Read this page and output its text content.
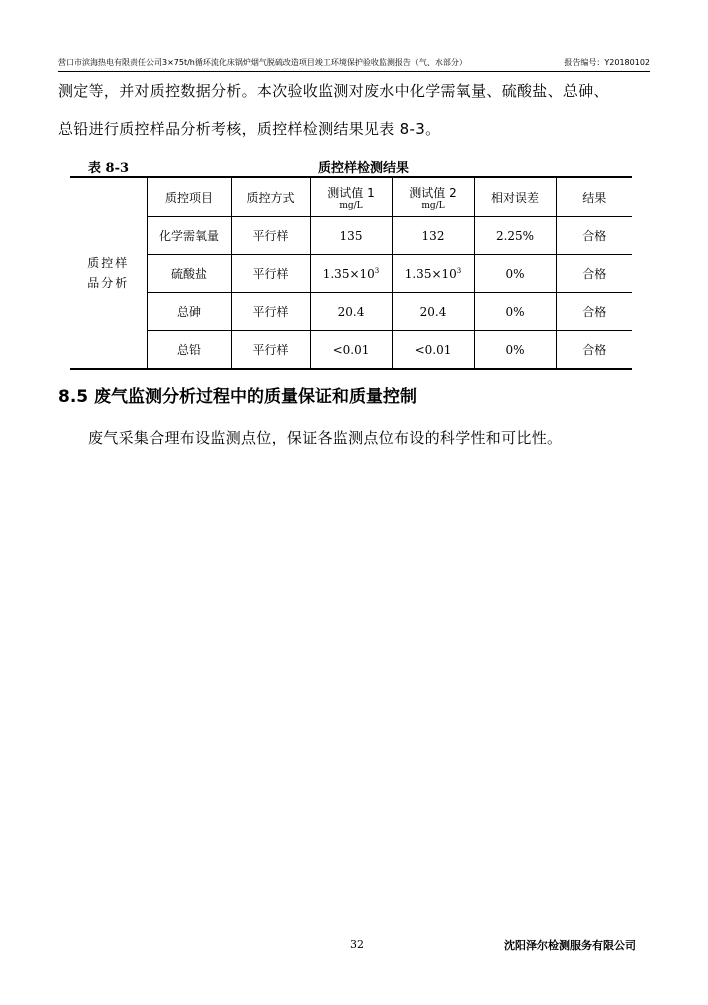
营口市滨海热电有限责任公司3×75t/h循环流化床锅炉烟气脱硫改造项目竣工环境保护验收监测报告（气、水部分）	报告编号：Y20180102
测定等，并对质控数据分析。本次验收监测对废水中化学需氧量、硫酸盐、总砷、
总铅进行质控样品分析考核，质控样检测结果见表 8-3。
表 8-3	质控样检测结果
质控样品分析	质控项目	质控方式	测试值 1
mg/L	测试值 2
mg/L	相对误差	结果
	化学需氧量	平行样	135	132	2.25%	合格
	硫酸盐	平行样	$1.35\times 10^3$	$1.35\times 10^3$	0%	合格
	总砷	平行样	20.4	20.4	0%	合格
	总铅	平行样	<0.01	<0.01	0%	合格
8.5 废气监测分析过程中的质量保证和质量控制
废气采集合理布设监测点位，保证各监测点位布设的科学性和可比性。
32	沈阳泽尔检测服务有限公司
